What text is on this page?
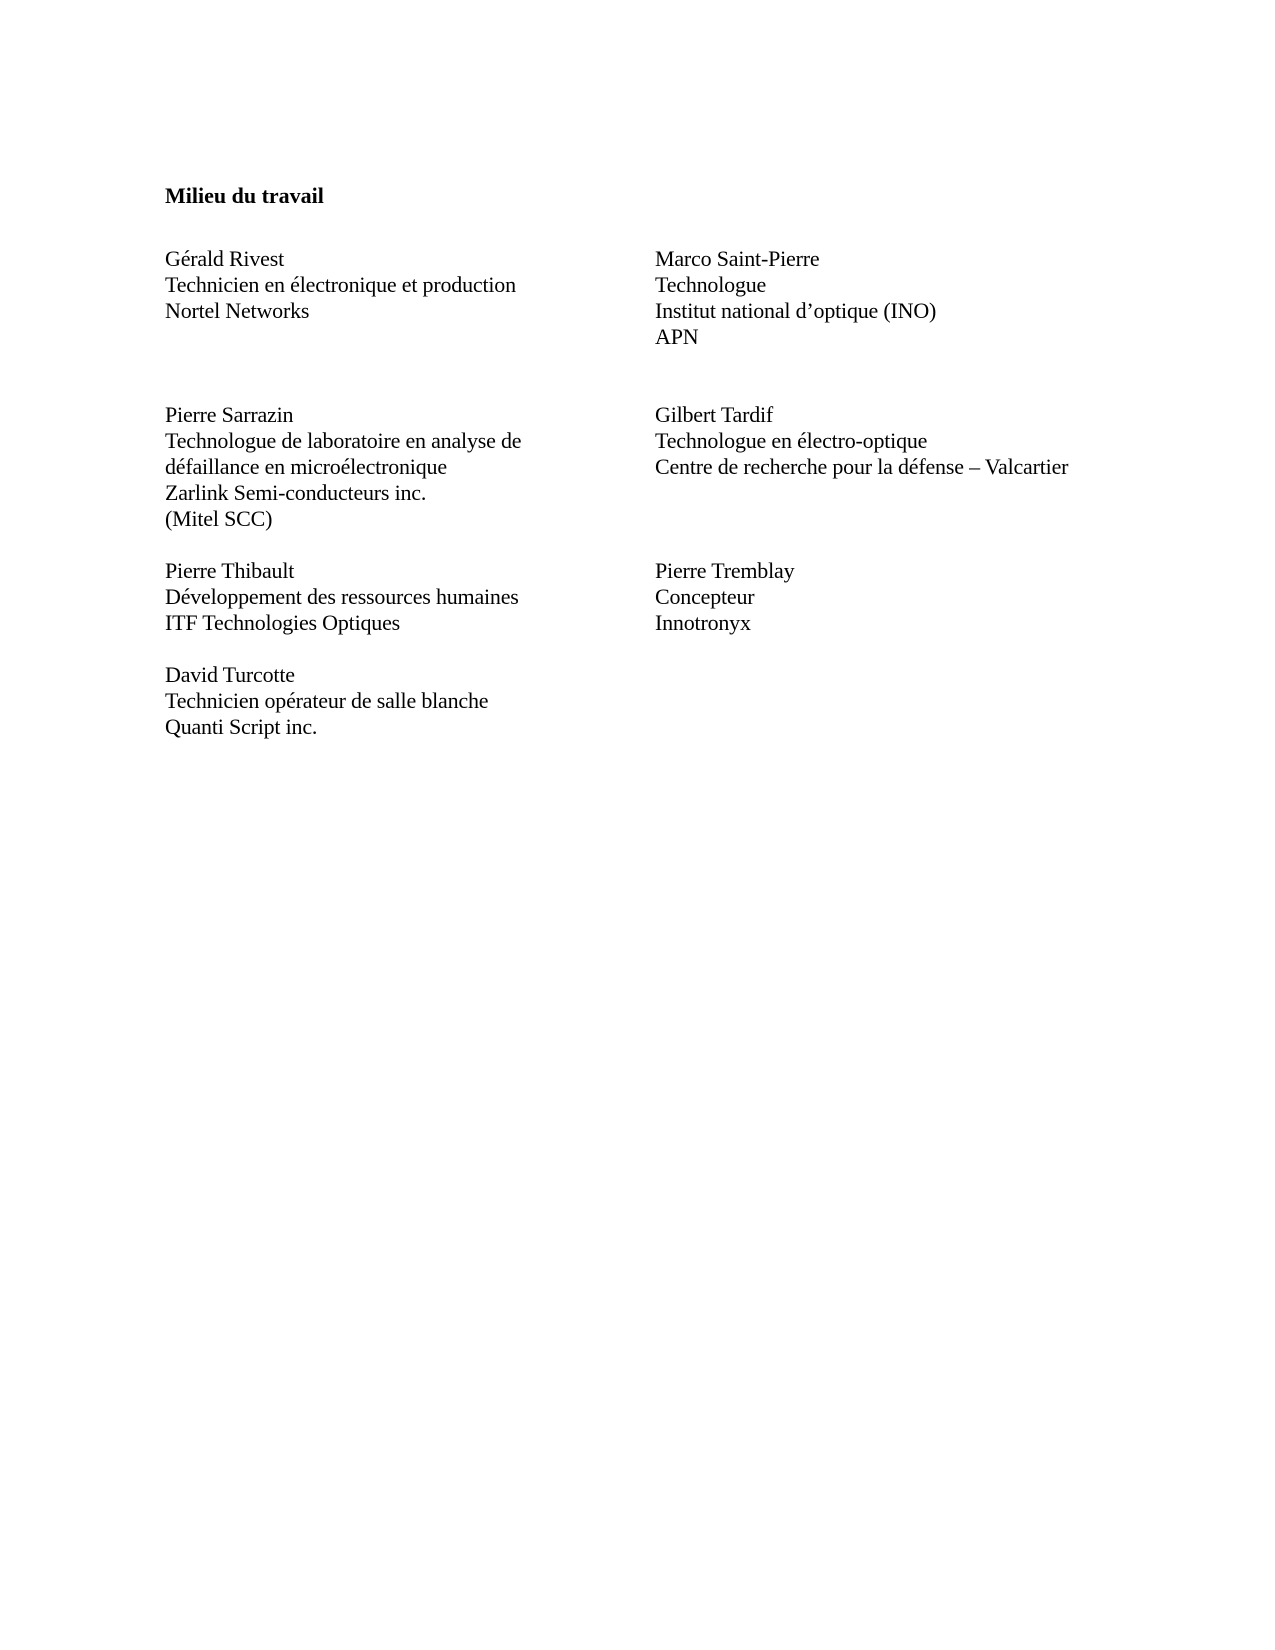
Milieu du travail
Gérald Rivest
Technicien en électronique et production
Nortel Networks
Marco Saint-Pierre
Technologue
Institut national d’optique (INO)
APN
Pierre Sarrazin
Technologue de laboratoire en analyse de
défaillance en microélectronique
Zarlink Semi-conducteurs inc.
(Mitel SCC)
Gilbert Tardif
Technologue en électro-optique
Centre de recherche pour la défense – Valcartier
Pierre Thibault
Développement des ressources humaines
ITF Technologies Optiques
Pierre Tremblay
Concepteur
Innotronyx
David Turcotte
Technicien opérateur de salle blanche
Quanti Script inc.
